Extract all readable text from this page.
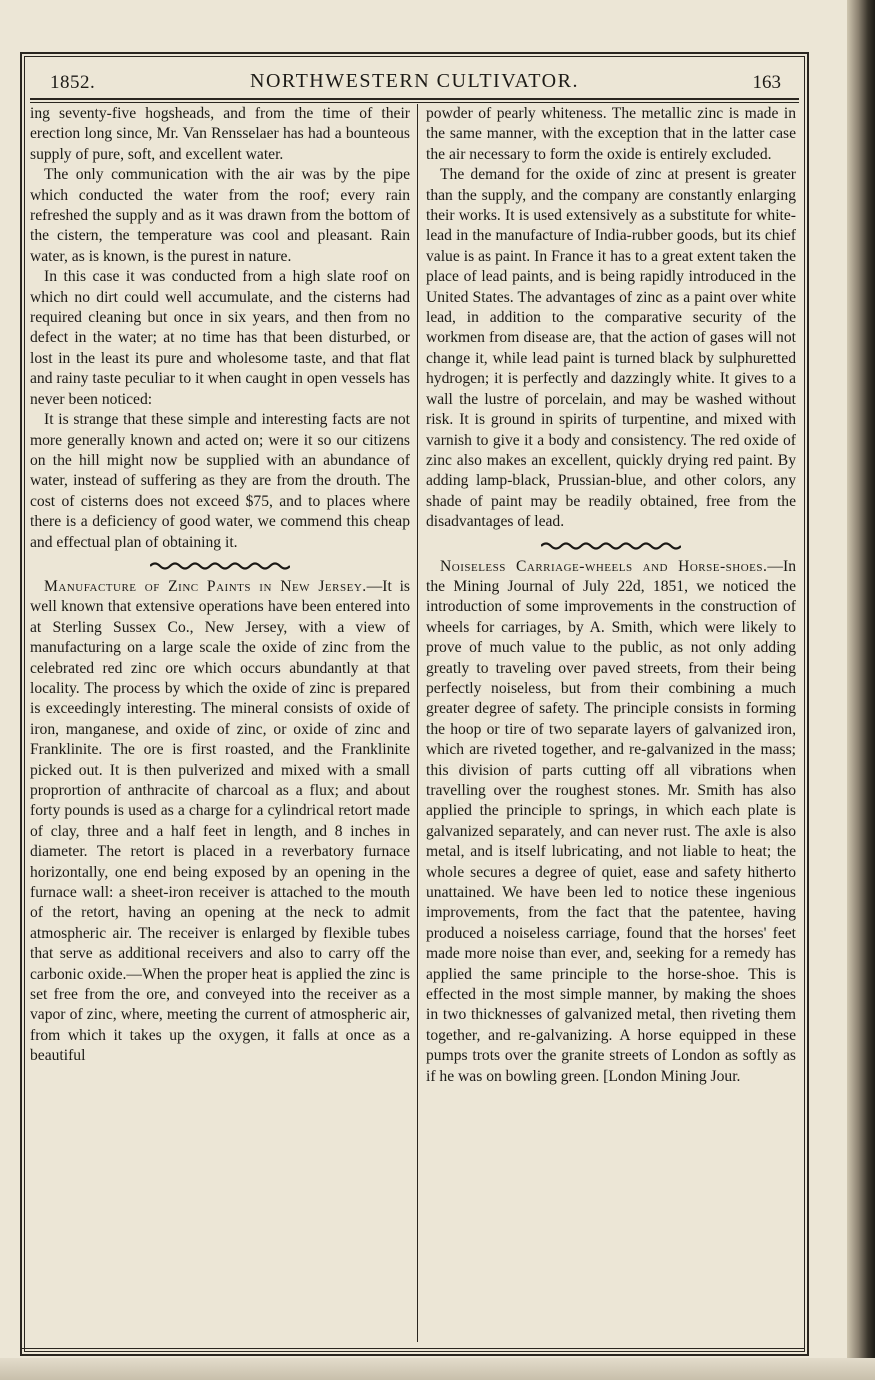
1852.	NORTHWESTERN CULTIVATOR.	163

ing seventy-five hogsheads, and from the time of their erection long since, Mr. Van Rensselaer has had a bounteous supply of pure, soft, and excellent water.

The only communication with the air was by the pipe which conducted the water from the roof; every rain refreshed the supply and as it was drawn from the bottom of the cistern, the temperature was cool and pleasant. Rain water, as is known, is the purest in nature.

In this case it was conducted from a high slate roof on which no dirt could well accumulate, and the cisterns had required cleaning but once in six years, and then from no defect in the water; at no time has that been disturbed, or lost in the least its pure and wholesome taste, and that flat and rainy taste peculiar to it when caught in open vessels has never been noticed:

It is strange that these simple and interesting facts are not more generally known and acted on; were it so our citizens on the hill might now be supplied with an abundance of water, instead of suffering as they are from the drouth. The cost of cisterns does not exceed $75, and to places where there is a deficiency of good water, we commend this cheap and effectual plan of obtaining it.

Manufacture of Zinc Paints in New Jersey.—It is well known that extensive operations have been entered into at Sterling Sussex Co., New Jersey, with a view of manufacturing on a large scale the oxide of zinc from the celebrated red zinc ore which occurs abundantly at that locality. The process by which the oxide of zinc is prepared is exceedingly interesting. The mineral consists of oxide of iron, manganese, and oxide of zinc, or oxide of zinc and Franklinite. The ore is first roasted, and the Franklinite picked out. It is then pulverized and mixed with a small proprortion of anthracite of charcoal as a flux; and about forty pounds is used as a charge for a cylindrical retort made of clay, three and a half feet in length, and 8 inches in diameter. The retort is placed in a reverbatory furnace horizontally, one end being exposed by an opening in the furnace wall: a sheet-iron receiver is attached to the mouth of the retort, having an opening at the neck to admit atmospheric air. The receiver is enlarged by flexible tubes that serve as additional receivers and also to carry off the carbonic oxide.—When the proper heat is applied the zinc is set free from the ore, and conveyed into the receiver as a vapor of zinc, where, meeting the current of atmospheric air, from which it takes up the oxygen, it falls at once as a beautiful

powder of pearly whiteness. The metallic zinc is made in the same manner, with the exception that in the latter case the air necessary to form the oxide is entirely excluded.

The demand for the oxide of zinc at present is greater than the supply, and the company are constantly enlarging their works. It is used extensively as a substitute for white-lead in the manufacture of India-rubber goods, but its chief value is as paint. In France it has to a great extent taken the place of lead paints, and is being rapidly introduced in the United States. The advantages of zinc as a paint over white lead, in addition to the comparative security of the workmen from disease are, that the action of gases will not change it, while lead paint is turned black by sulphuretted hydrogen; it is perfectly and dazzingly white. It gives to a wall the lustre of porcelain, and may be washed without risk. It is ground in spirits of turpentine, and mixed with varnish to give it a body and consistency. The red oxide of zinc also makes an excellent, quickly drying red paint. By adding lamp-black, Prussian-blue, and other colors, any shade of paint may be readily obtained, free from the disadvantages of lead.

Noiseless Carriage-wheels and Horse-shoes.—In the Mining Journal of July 22d, 1851, we noticed the introduction of some improvements in the construction of wheels for carriages, by A. Smith, which were likely to prove of much value to the public, as not only adding greatly to traveling over paved streets, from their being perfectly noiseless, but from their combining a much greater degree of safety. The principle consists in forming the hoop or tire of two separate layers of galvanized iron, which are riveted together, and re-galvanized in the mass; this division of parts cutting off all vibrations when travelling over the roughest stones. Mr. Smith has also applied the principle to springs, in which each plate is galvanized separately, and can never rust. The axle is also metal, and is itself lubricating, and not liable to heat; the whole secures a degree of quiet, ease and safety hitherto unattained. We have been led to notice these ingenious improvements, from the fact that the patentee, having produced a noiseless carriage, found that the horses' feet made more noise than ever, and, seeking for a remedy has applied the same principle to the horse-shoe. This is effected in the most simple manner, by making the shoes in two thicknesses of galvanized metal, then riveting them together, and re-galvanizing. A horse equipped in these pumps trots over the granite streets of London as softly as if he was on bowling green. [London Mining Jour.
